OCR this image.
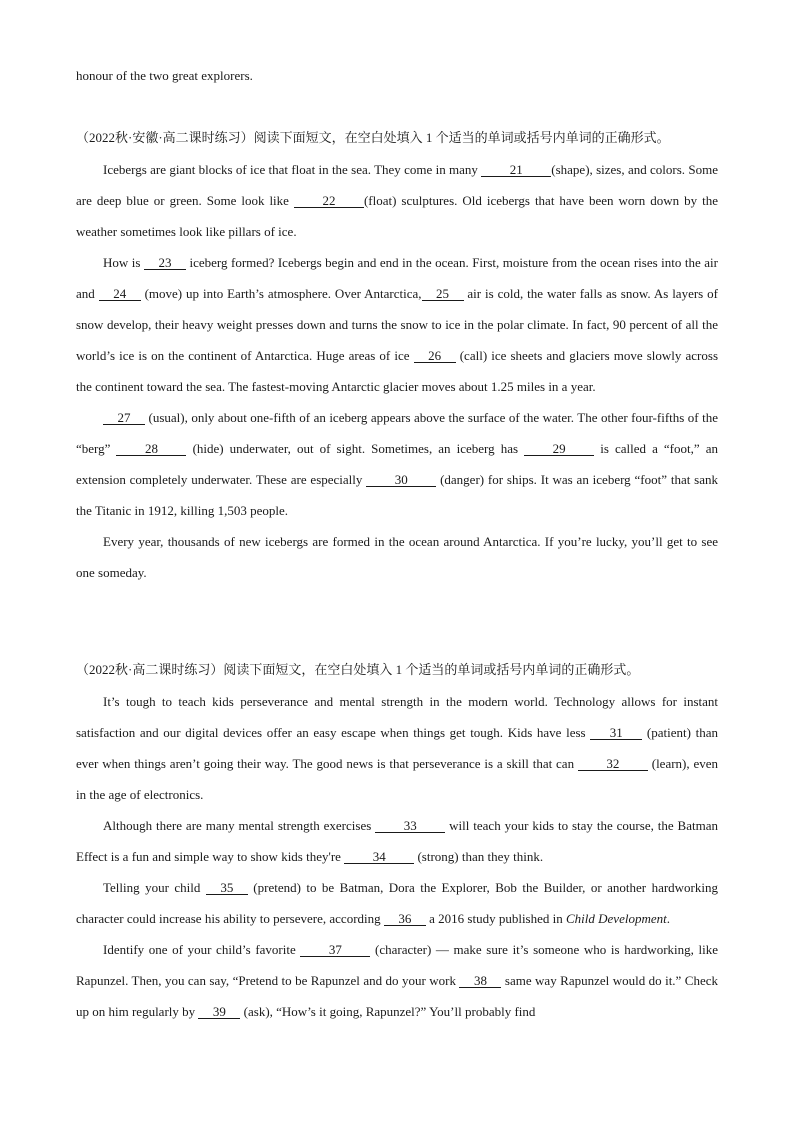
honour of the two great explorers.
（2022秋·安徽·高二课时练习）阅读下面短文，在空白处填入 1 个适当的单词或括号内单词的正确形式。

Icebergs are giant blocks of ice that float in the sea. They come in many 21 (shape), sizes, and colors. Some are deep blue or green. Some look like 22 (float) sculptures. Old icebergs that have been worn down by the weather sometimes look like pillars of ice.

How is 23 iceberg formed? Icebergs begin and end in the ocean. First, moisture from the ocean rises into the air and 24 (move) up into Earth’s atmosphere. Over Antarctica, 25 air is cold, the water falls as snow. As layers of snow develop, their heavy weight presses down and turns the snow to ice in the polar climate. In fact, 90 percent of all the world’s ice is on the continent of Antarctica. Huge areas of ice 26 (call) ice sheets and glaciers move slowly across the continent toward the sea. The fastest-moving Antarctic glacier moves about 1.25 miles in a year.

27 (usual), only about one-fifth of an iceberg appears above the surface of the water. The other four-fifths of the “berg” 28 (hide) underwater, out of sight. Sometimes, an iceberg has 29 is called a “foot,” an extension completely underwater. These are especially 30 (danger) for ships. It was an iceberg “foot” that sank the Titanic in 1912, killing 1,503 people.

Every year, thousands of new icebergs are formed in the ocean around Antarctica. If you’re lucky, you’ll get to see one someday.

（2022秋·高二课时练习）阅读下面短文，在空白处填入 1 个适当的单词或括号内单词的正确形式。

It’s tough to teach kids perseverance and mental strength in the modern world. Technology allows for instant satisfaction and our digital devices offer an easy escape when things get tough. Kids have less 31 (patient) than ever when things aren’t going their way. The good news is that perseverance is a skill that can 32 (learn), even in the age of electronics.

Although there are many mental strength exercises 33 will teach your kids to stay the course, the Batman Effect is a fun and simple way to show kids they're 34 (strong) than they think.

Telling your child 35 (pretend) to be Batman, Dora the Explorer, Bob the Builder, or another hardworking character could increase his ability to persevere, according 36 a 2016 study published in Child Development.

Identify one of your child’s favorite 37 (character) — make sure it’s someone who is hardworking, like Rapunzel. Then, you can say, “Pretend to be Rapunzel and do your work 38 same way Rapunzel would do it.” Check up on him regularly by 39 (ask), “How’s it going, Rapunzel?” You’ll probably find
